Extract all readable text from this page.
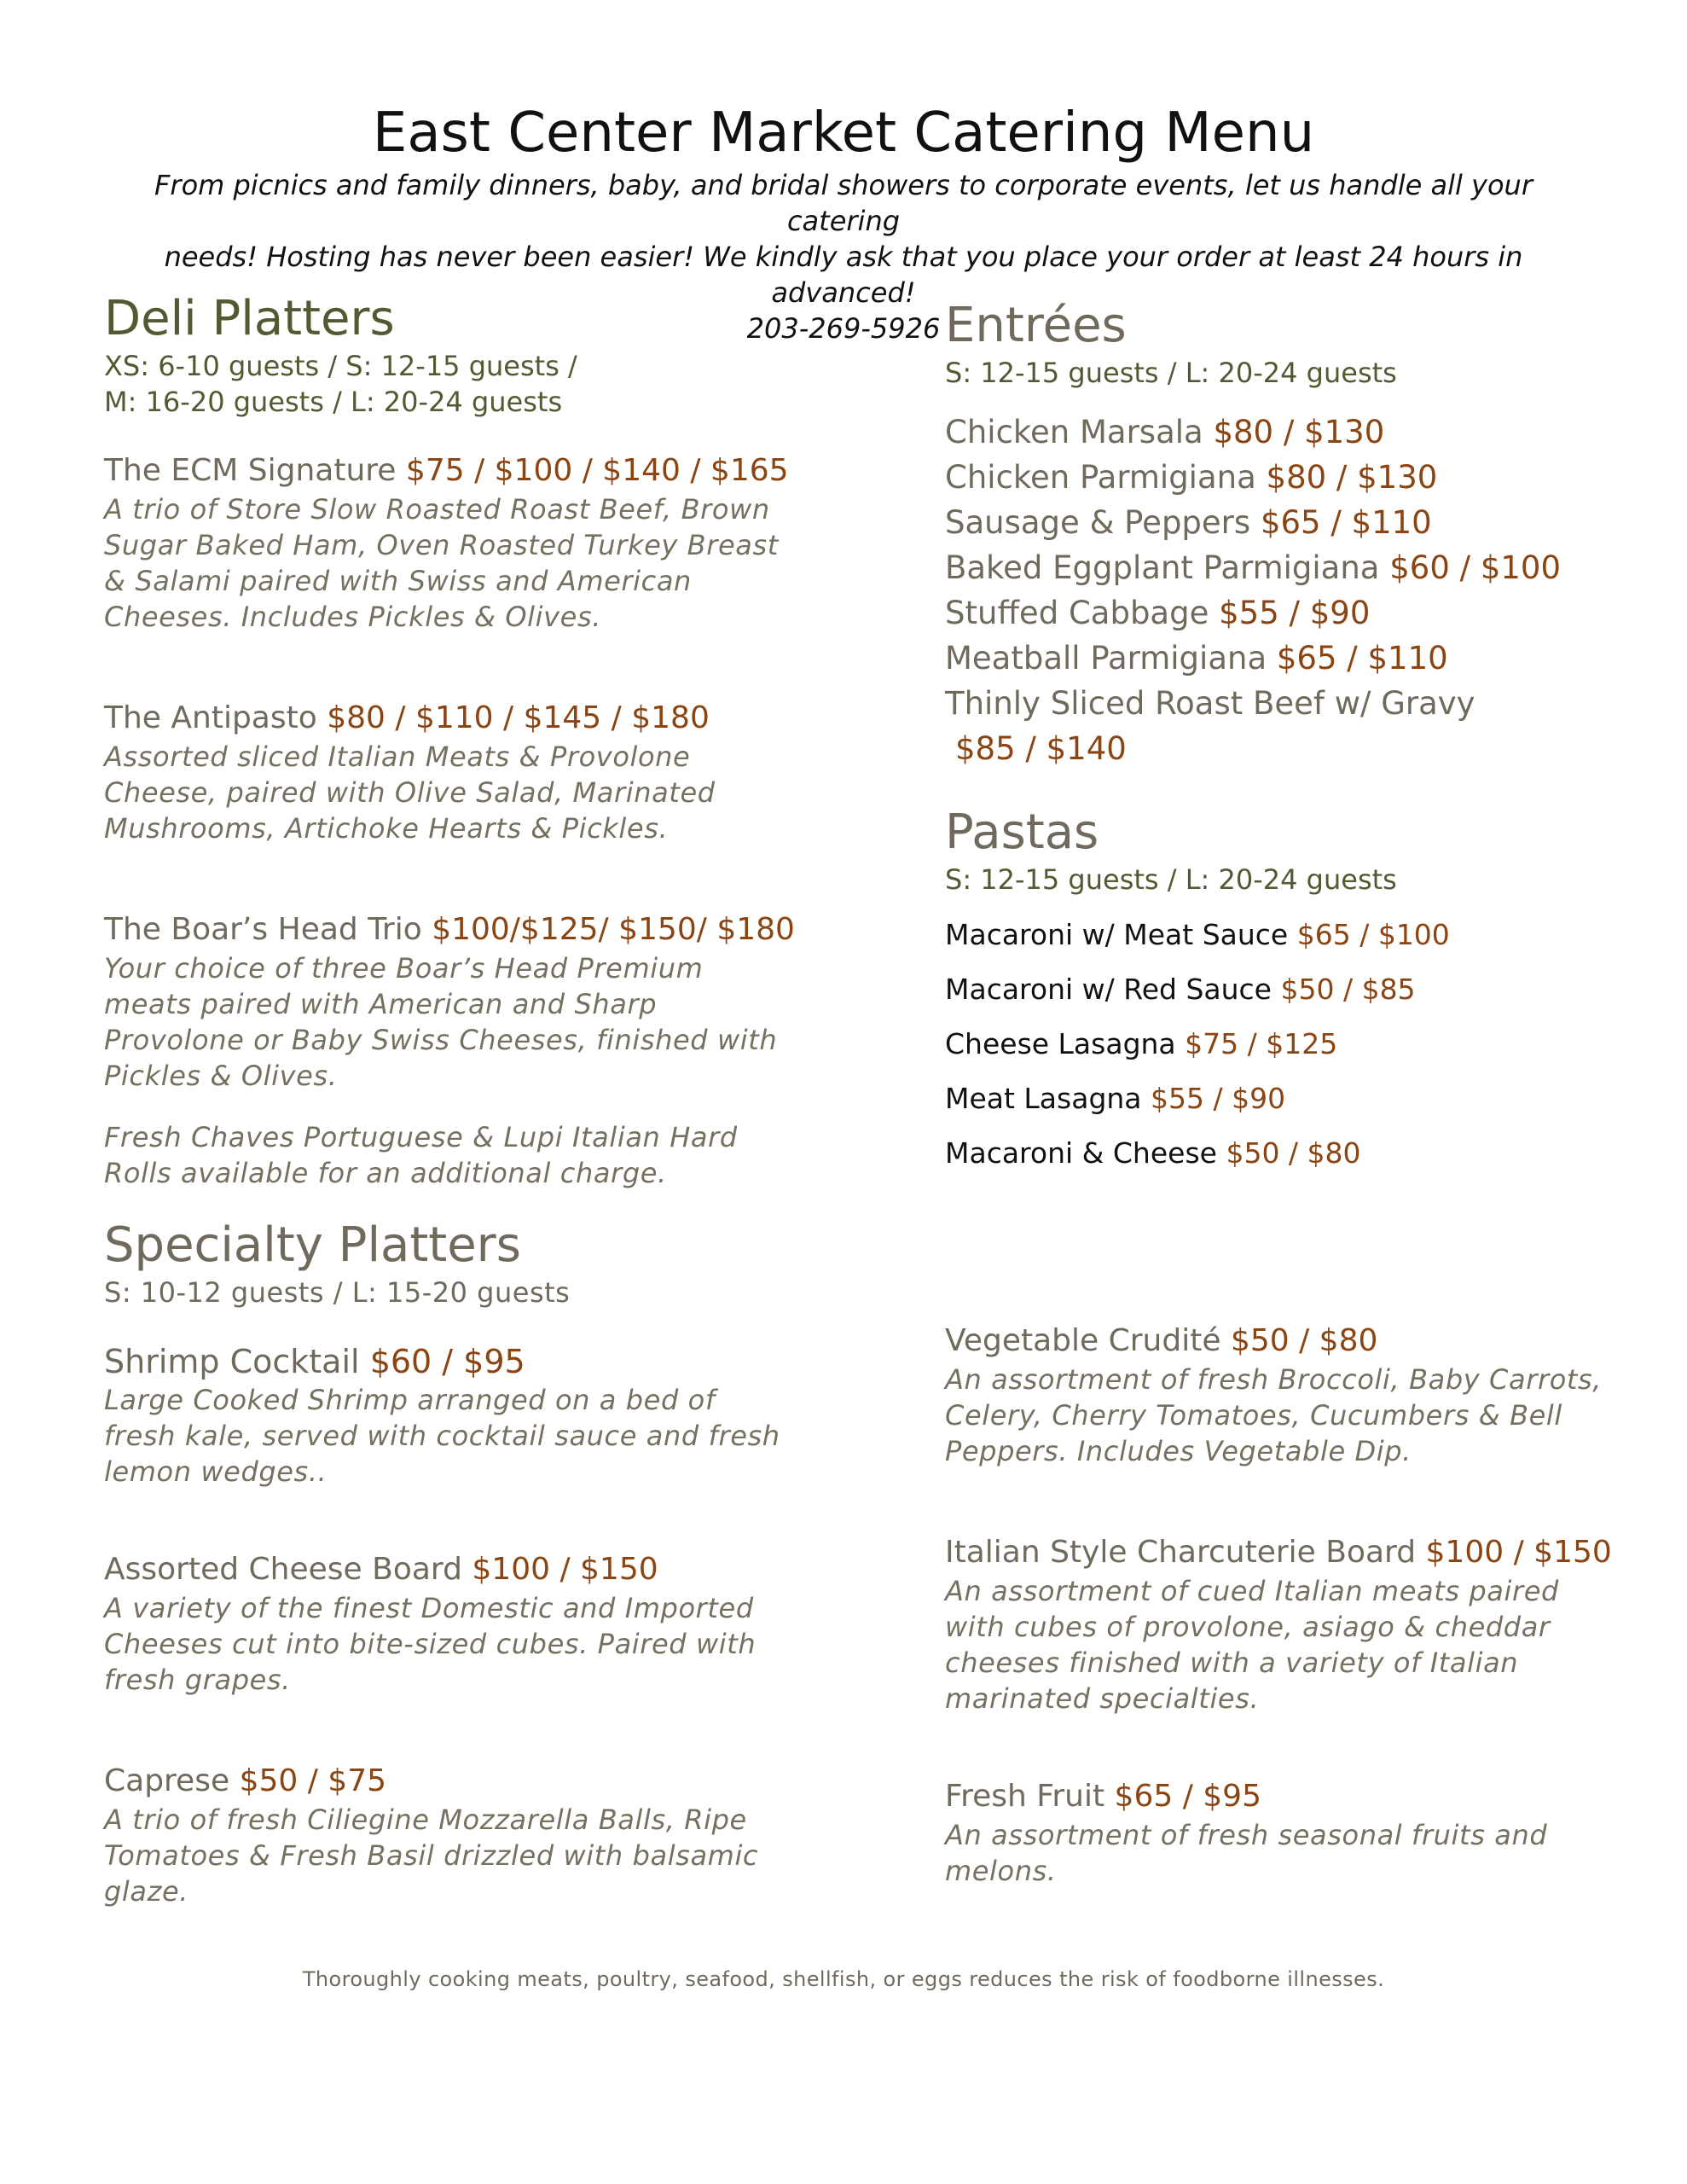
East Center Market Catering Menu
From picnics and family dinners, baby, and bridal showers to corporate events, let us handle all your catering
needs! Hosting has never been easier! We kindly ask that you place your order at least 24 hours in advanced!
203-269-5926
Deli Platters
XS: 6-10 guests / S: 12-15 guests /
M: 16-20 guests / L: 20-24 guests
The ECM Signature $75 / $100 / $140 / $165
A trio of Store Slow Roasted Roast Beef, Brown
Sugar Baked Ham, Oven Roasted Turkey Breast
& Salami paired with Swiss and American
Cheeses. Includes Pickles & Olives.
The Antipasto $80 / $110 / $145 / $180
Assorted sliced Italian Meats & Provolone
Cheese, paired with Olive Salad, Marinated
Mushrooms, Artichoke Hearts & Pickles.
The Boar’s Head Trio $100/$125/ $150/ $180
Your choice of three Boar’s Head Premium
meats paired with American and Sharp
Provolone or Baby Swiss Cheeses, finished with
Pickles & Olives.
Fresh Chaves Portuguese & Lupi Italian Hard
Rolls available for an additional charge.
Specialty Platters
S: 10-12 guests / L: 15-20 guests
Shrimp Cocktail $60 / $95
Large Cooked Shrimp arranged on a bed of
fresh kale, served with cocktail sauce and fresh
lemon wedges..
Assorted Cheese Board $100 / $150
A variety of the finest Domestic and Imported
Cheeses cut into bite-sized cubes. Paired with
fresh grapes.
Caprese $50 / $75
A trio of fresh Ciliegine Mozzarella Balls, Ripe
Tomatoes & Fresh Basil drizzled with balsamic
glaze.
Entrées
S: 12-15 guests / L: 20-24 guests
Chicken Marsala $80 / $130
Chicken Parmigiana $80 / $130
Sausage & Peppers $65 / $110
Baked Eggplant Parmigiana $60 / $100
Stuffed Cabbage $55 / $90
Meatball Parmigiana $65 / $110
Thinly Sliced Roast Beef w/ Gravy
$85 / $140
Pastas
S: 12-15 guests / L: 20-24 guests
Macaroni w/ Meat Sauce $65 / $100
Macaroni w/ Red Sauce $50 / $85
Cheese Lasagna $75 / $125
Meat Lasagna $55 / $90
Macaroni & Cheese $50 / $80
Vegetable Crudité $50 / $80
An assortment of fresh Broccoli, Baby Carrots,
Celery, Cherry Tomatoes, Cucumbers & Bell
Peppers. Includes Vegetable Dip.
Italian Style Charcuterie Board $100 / $150
An assortment of cued Italian meats paired
with cubes of provolone, asiago & cheddar
cheeses finished with a variety of Italian
marinated specialties.
Fresh Fruit $65 / $95
An assortment of fresh seasonal fruits and
melons.
Thoroughly cooking meats, poultry, seafood, shellfish, or eggs reduces the risk of foodborne illnesses.
